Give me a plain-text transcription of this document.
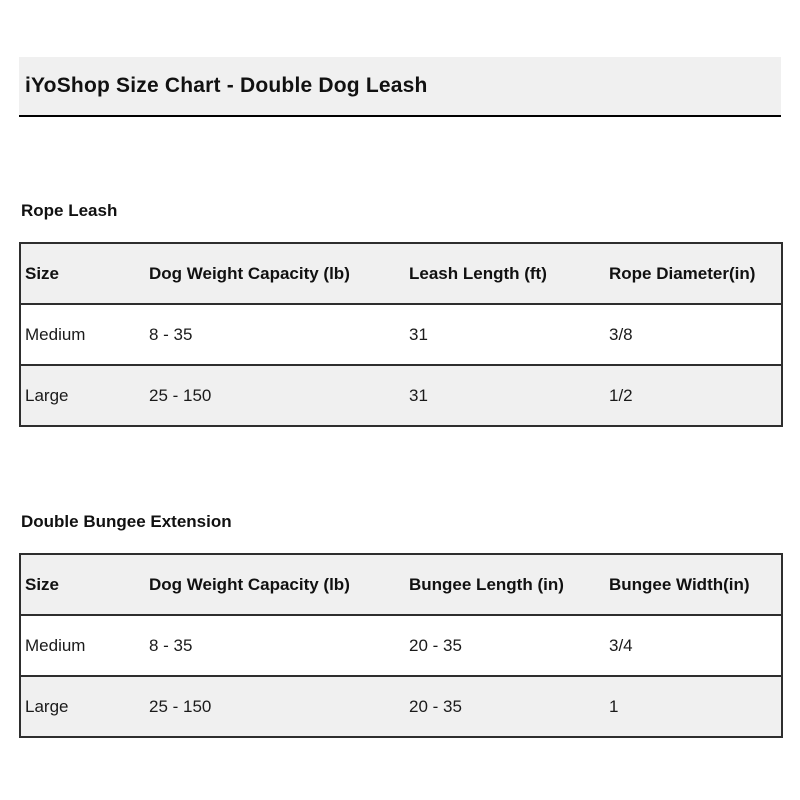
iYoShop Size Chart - Double Dog Leash
Rope Leash
Size	Dog Weight Capacity (lb)	Leash Length (ft)	Rope Diameter(in)
Medium	8 - 35	31	3/8
Large	25 - 150	31	1/2
Double Bungee Extension
Size	Dog Weight Capacity (lb)	Bungee Length (in)	Bungee Width(in)
Medium	8 - 35	20 - 35	3/4
Large	25 - 150	20 - 35	1
